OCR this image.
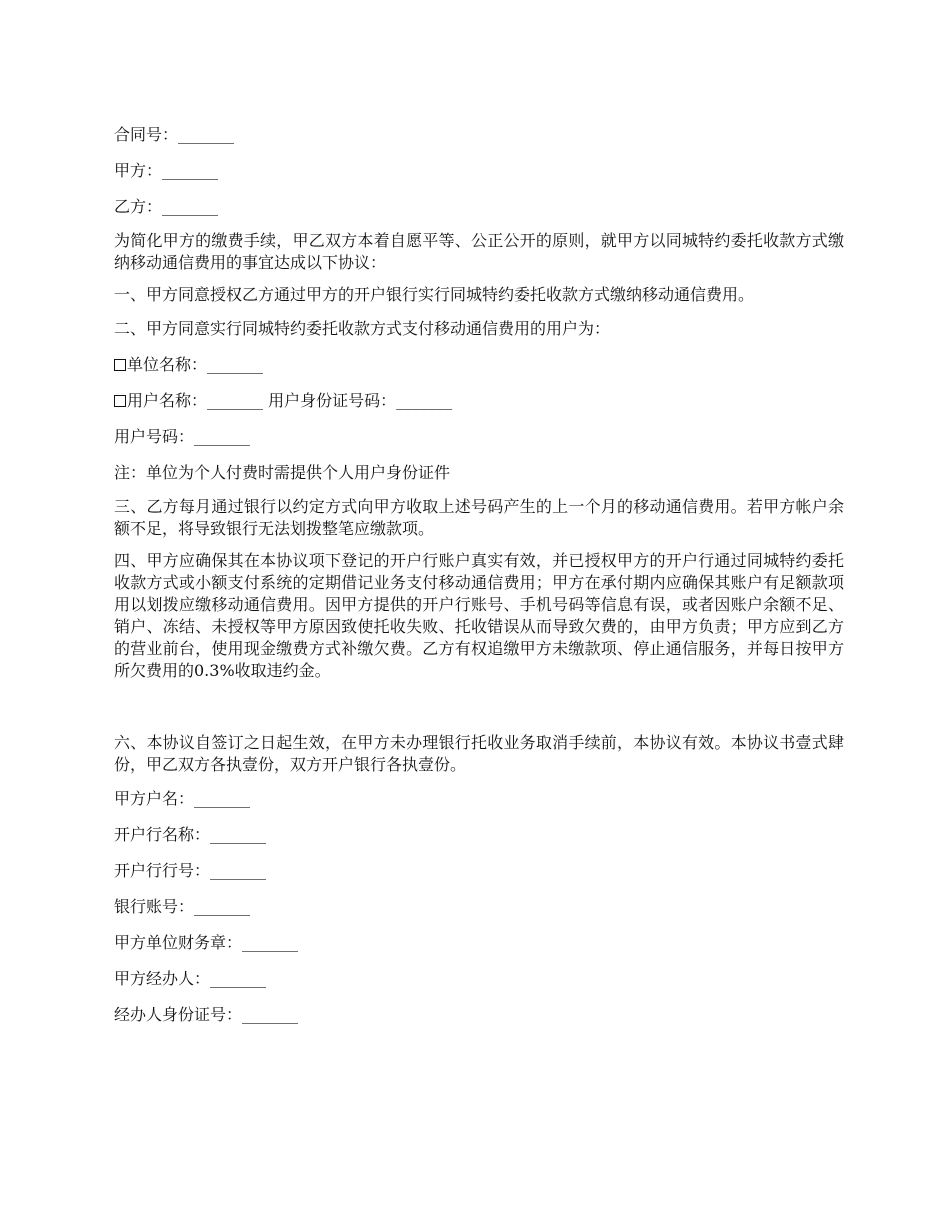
合同号：_______

甲方：_______

乙方：_______

为简化甲方的缴费手续，甲乙双方本着自愿平等、公正公开的原则，就甲方以同城特约委托收款方式缴纳移动通信费用的事宜达成以下协议：

一、甲方同意授权乙方通过甲方的开户银行实行同城特约委托收款方式缴纳移动通信费用。

二、甲方同意实行同城特约委托收款方式支付移动通信费用的用户为：

单位名称：_______

用户名称：_______ 用户身份证号码：_______

用户号码：_______

注：单位为个人付费时需提供个人用户身份证件

三、乙方每月通过银行以约定方式向甲方收取上述号码产生的上一个月的移动通信费用。若甲方帐户余额不足，将导致银行无法划拨整笔应缴款项。

四、甲方应确保其在本协议项下登记的开户行账户真实有效，并已授权甲方的开户行通过同城特约委托收款方式或小额支付系统的定期借记业务支付移动通信费用；甲方在承付期内应确保其账户有足额款项用以划拨应缴移动通信费用。因甲方提供的开户行账号、手机号码等信息有误，或者因账户余额不足、销户、冻结、未授权等甲方原因致使托收失败、托收错误从而导致欠费的，由甲方负责；甲方应到乙方的营业前台，使用现金缴费方式补缴欠费。乙方有权追缴甲方未缴款项、停止通信服务，并每日按甲方所欠费用的0.3%收取违约金。

六、本协议自签订之日起生效，在甲方未办理银行托收业务取消手续前，本协议有效。本协议书壹式肆份，甲乙双方各执壹份，双方开户银行各执壹份。

甲方户名：_______

开户行名称：_______

开户行行号：_______

银行账号：_______

甲方单位财务章：_______

甲方经办人：_______

经办人身份证号：_______
